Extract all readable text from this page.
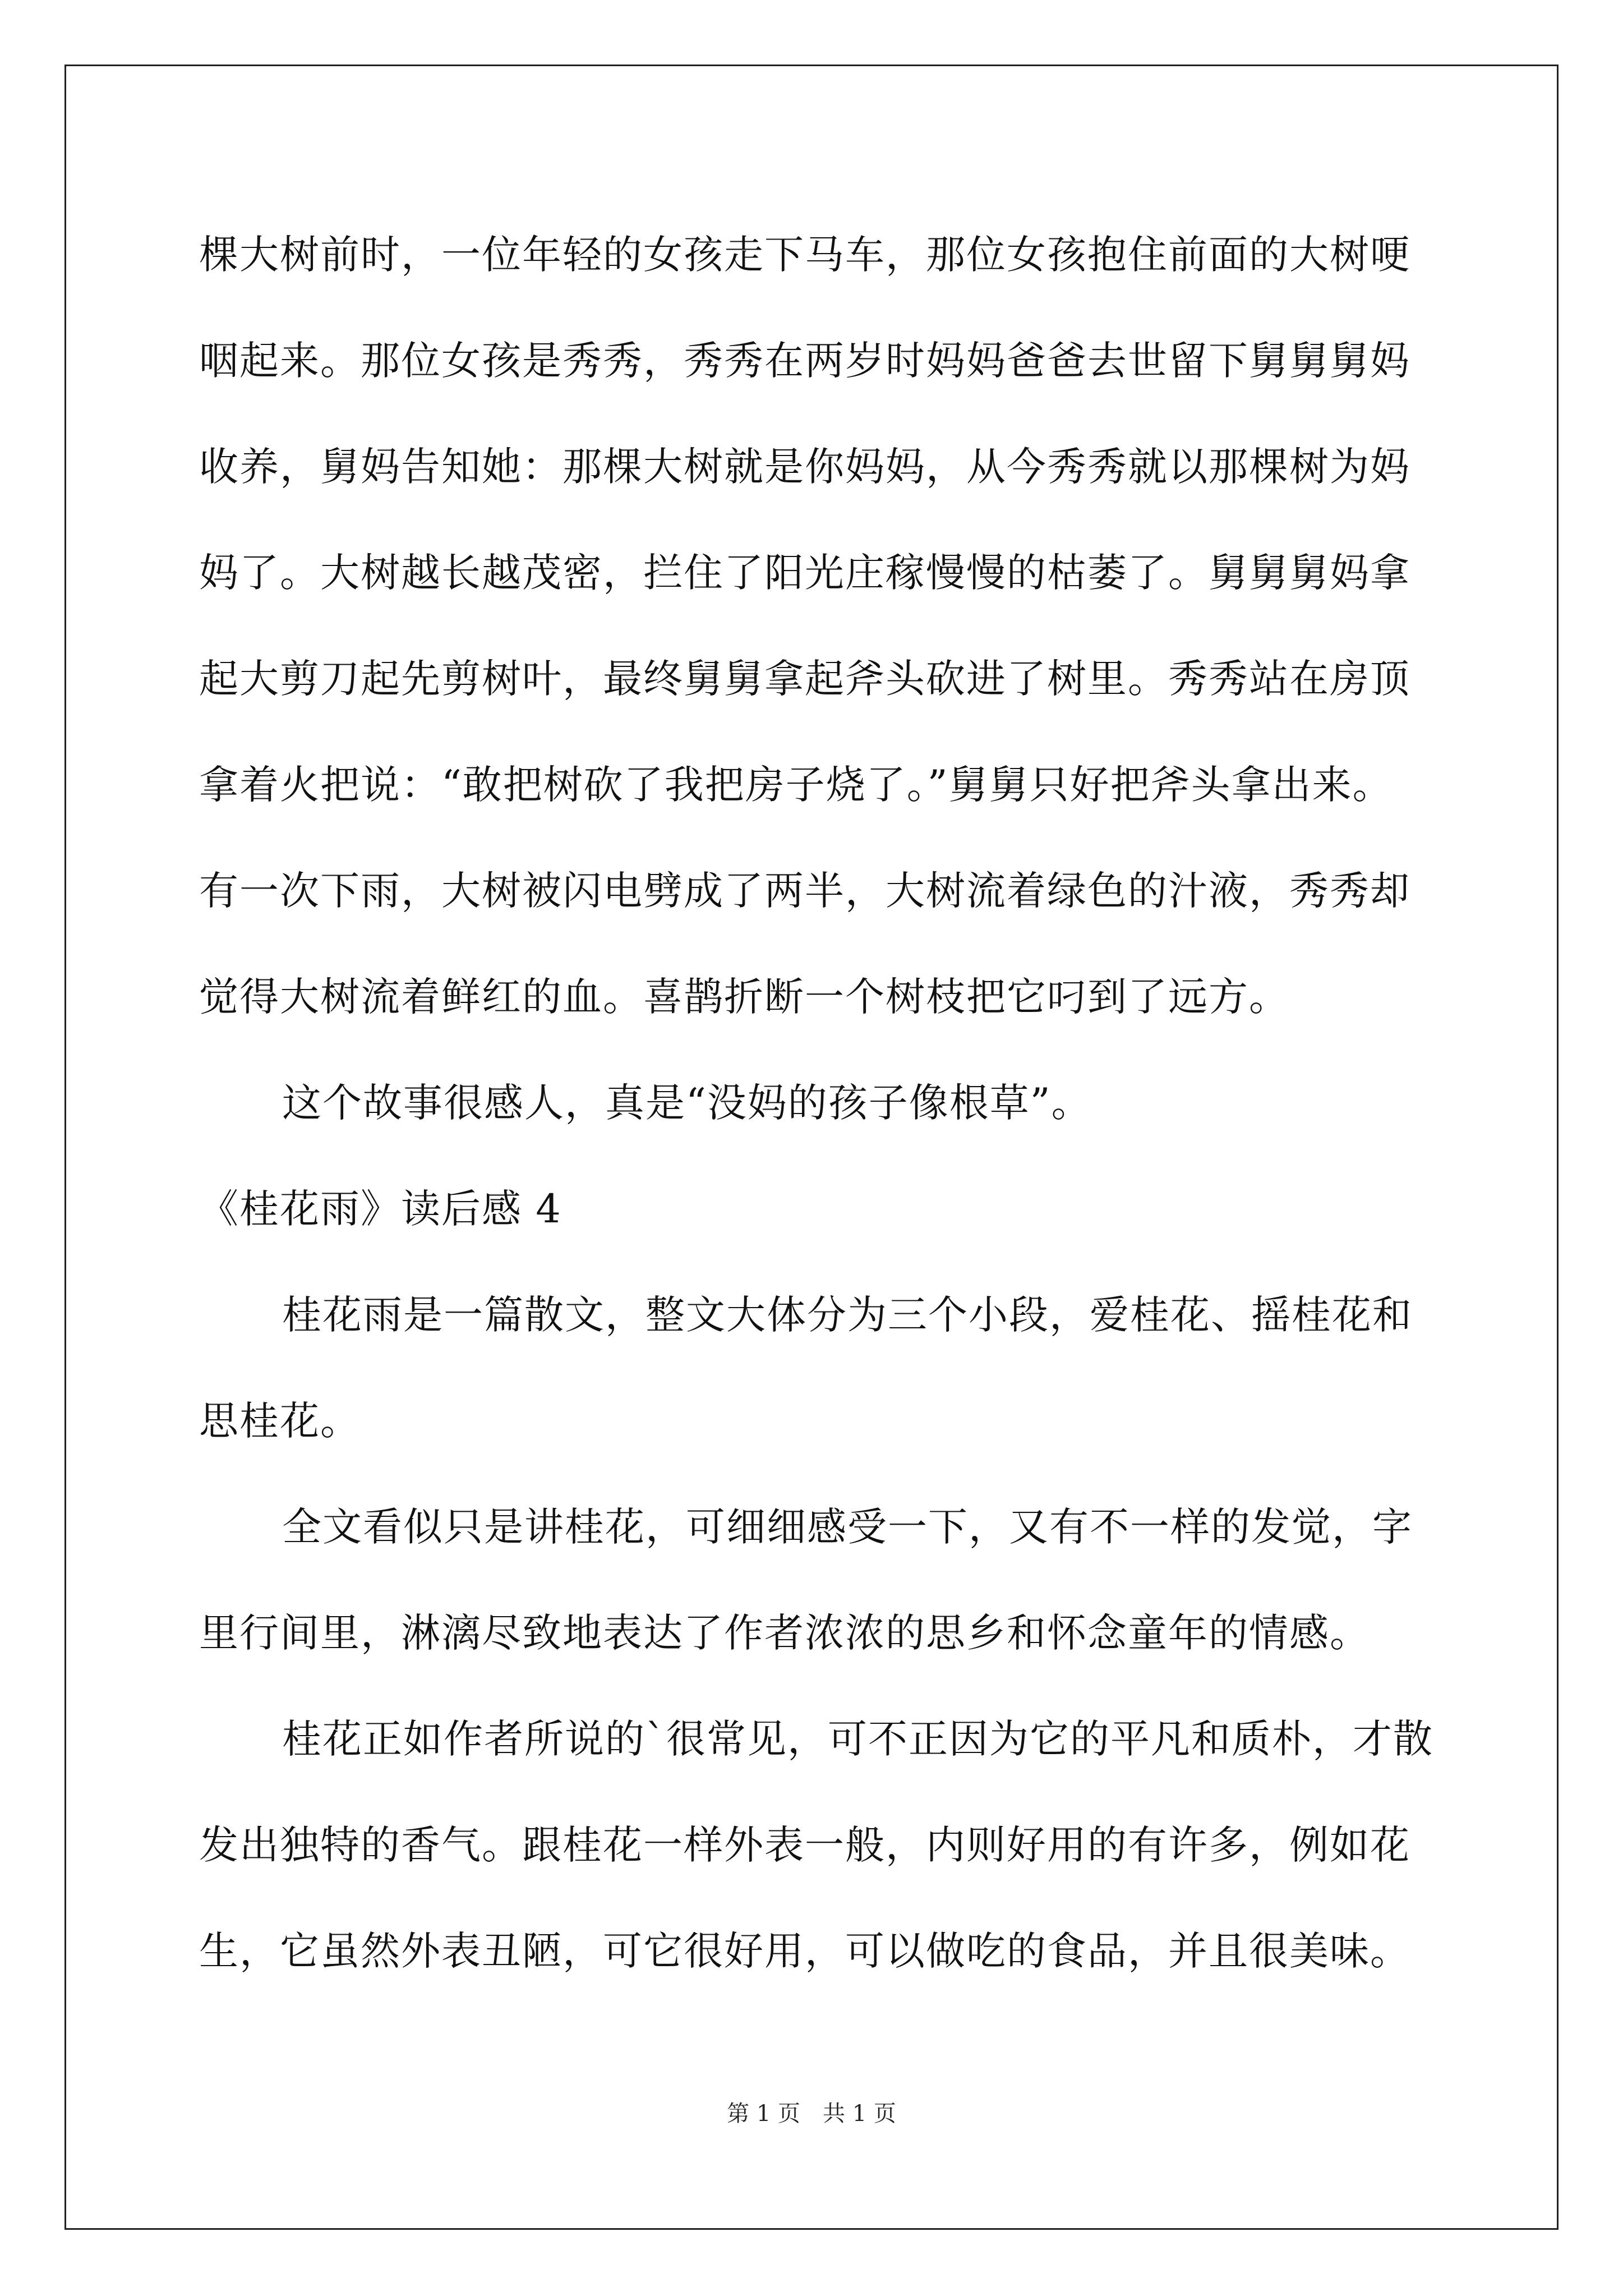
棵大树前时，一位年轻的女孩走下马车，那位女孩抱住前面的大树哽

咽起来。那位女孩是秀秀，秀秀在两岁时妈妈爸爸去世留下舅舅舅妈

收养，舅妈告知她：那棵大树就是你妈妈，从今秀秀就以那棵树为妈

妈了。大树越长越茂密，拦住了阳光庄稼慢慢的枯萎了。舅舅舅妈拿

起大剪刀起先剪树叶，最终舅舅拿起斧头砍进了树里。秀秀站在房顶

拿着火把说：“敢把树砍了我把房子烧了。”舅舅只好把斧头拿出来。

有一次下雨，大树被闪电劈成了两半，大树流着绿色的汁液，秀秀却

觉得大树流着鲜红的血。喜鹊折断一个树枝把它叼到了远方。

这个故事很感人，真是“没妈的孩子像根草”。

《桂花雨》读后感 4

桂花雨是一篇散文，整文大体分为三个小段，爱桂花、摇桂花和

思桂花。

全文看似只是讲桂花，可细细感受一下，又有不一样的发觉，字

里行间里，淋漓尽致地表达了作者浓浓的思乡和怀念童年的情感。

桂花正如作者所说的`很常见，可不正因为它的平凡和质朴，才散

发出独特的香气。跟桂花一样外表一般，内则好用的有许多，例如花

生，它虽然外表丑陋，可它很好用，可以做吃的食品，并且很美味。

第 1 页　共 1 页
